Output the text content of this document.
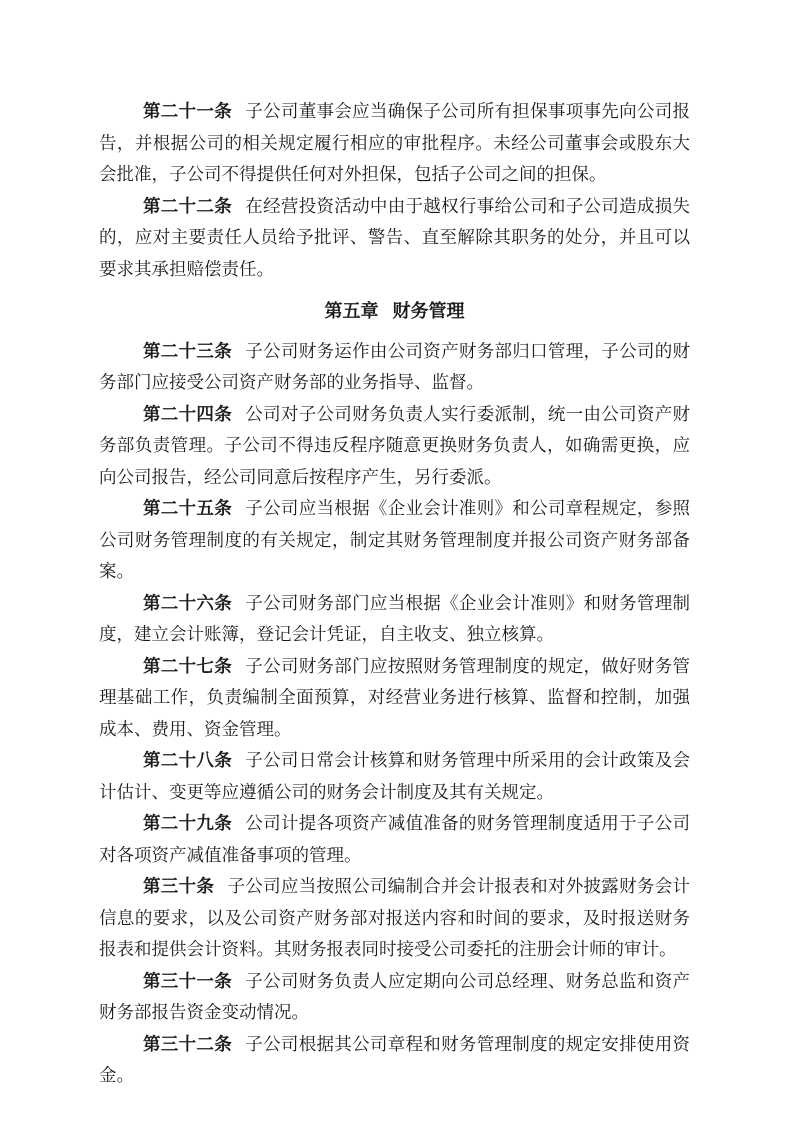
第二十一条 子公司董事会应当确保子公司所有担保事项事先向公司报告，并根据公司的相关规定履行相应的审批程序。未经公司董事会或股东大会批准，子公司不得提供任何对外担保，包括子公司之间的担保。

第二十二条 在经营投资活动中由于越权行事给公司和子公司造成损失的，应对主要责任人员给予批评、警告、直至解除其职务的处分，并且可以要求其承担赔偿责任。

第五章 财务管理

第二十三条 子公司财务运作由公司资产财务部归口管理，子公司的财务部门应接受公司资产财务部的业务指导、监督。

第二十四条 公司对子公司财务负责人实行委派制，统一由公司资产财务部负责管理。子公司不得违反程序随意更换财务负责人，如确需更换，应向公司报告，经公司同意后按程序产生，另行委派。

第二十五条 子公司应当根据《企业会计准则》和公司章程规定，参照公司财务管理制度的有关规定，制定其财务管理制度并报公司资产财务部备案。

第二十六条 子公司财务部门应当根据《企业会计准则》和财务管理制度，建立会计账簿，登记会计凭证，自主收支、独立核算。

第二十七条 子公司财务部门应按照财务管理制度的规定，做好财务管理基础工作，负责编制全面预算，对经营业务进行核算、监督和控制，加强成本、费用、资金管理。

第二十八条 子公司日常会计核算和财务管理中所采用的会计政策及会计估计、变更等应遵循公司的财务会计制度及其有关规定。

第二十九条 公司计提各项资产减值准备的财务管理制度适用于子公司对各项资产减值准备事项的管理。

第三十条 子公司应当按照公司编制合并会计报表和对外披露财务会计信息的要求，以及公司资产财务部对报送内容和时间的要求，及时报送财务报表和提供会计资料。其财务报表同时接受公司委托的注册会计师的审计。

第三十一条 子公司财务负责人应定期向公司总经理、财务总监和资产财务部报告资金变动情况。

第三十二条 子公司根据其公司章程和财务管理制度的规定安排使用资金。
